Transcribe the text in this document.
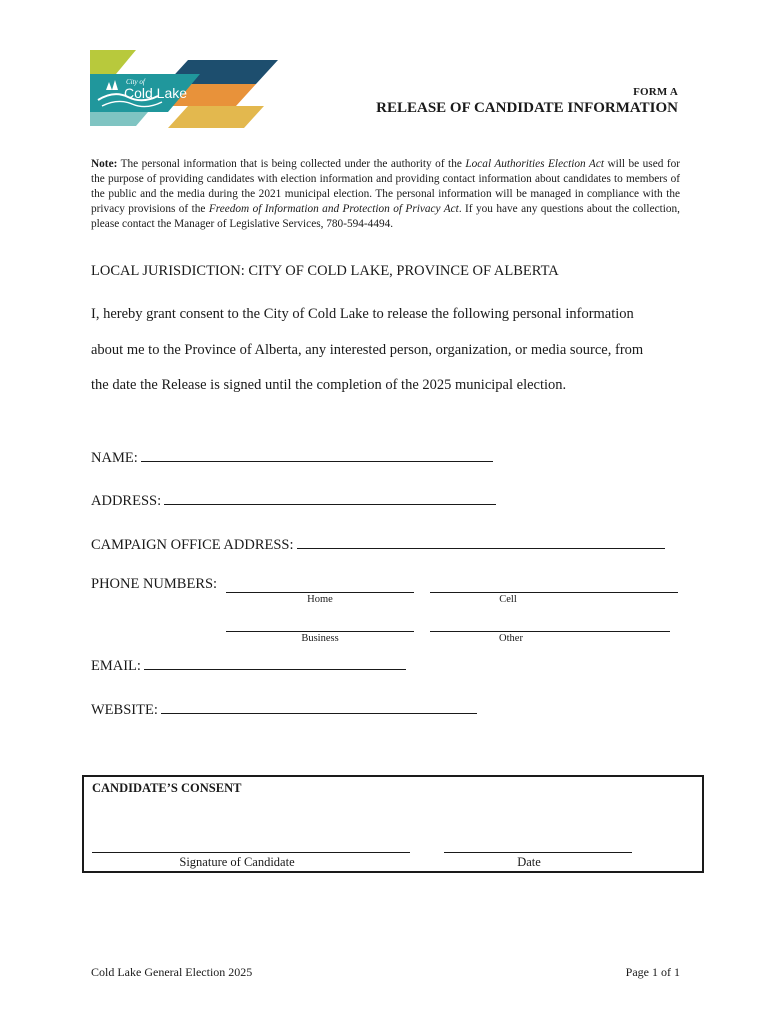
City of
Cold Lake	FORM A
RELEASE OF CANDIDATE INFORMATION
Note: The personal information that is being collected under the authority of the Local Authorities Election Act will be used for the purpose of providing candidates with election information and providing contact information about candidates to members of the public and the media during the 2021 municipal election. The personal information will be managed in compliance with the privacy provisions of the Freedom of Information and Protection of Privacy Act. If you have any questions about the collection, please contact the Manager of Legislative Services, 780-594-4494.
LOCAL JURISDICTION: CITY OF COLD LAKE, PROVINCE OF ALBERTA
I, hereby grant consent to the City of Cold Lake to release the following personal information
about me to the Province of Alberta, any interested person, organization, or media source, from
the date the Release is signed until the completion of the 2025 municipal election.
NAME:
ADDRESS:
CAMPAIGN OFFICE ADDRESS:
PHONE NUMBERS:
Home	Cell
Business	Other
EMAIL:
WEBSITE:
CANDIDATE’S CONSENT
Signature of Candidate	Date
Cold Lake General Election 2025	Page 1 of 1
